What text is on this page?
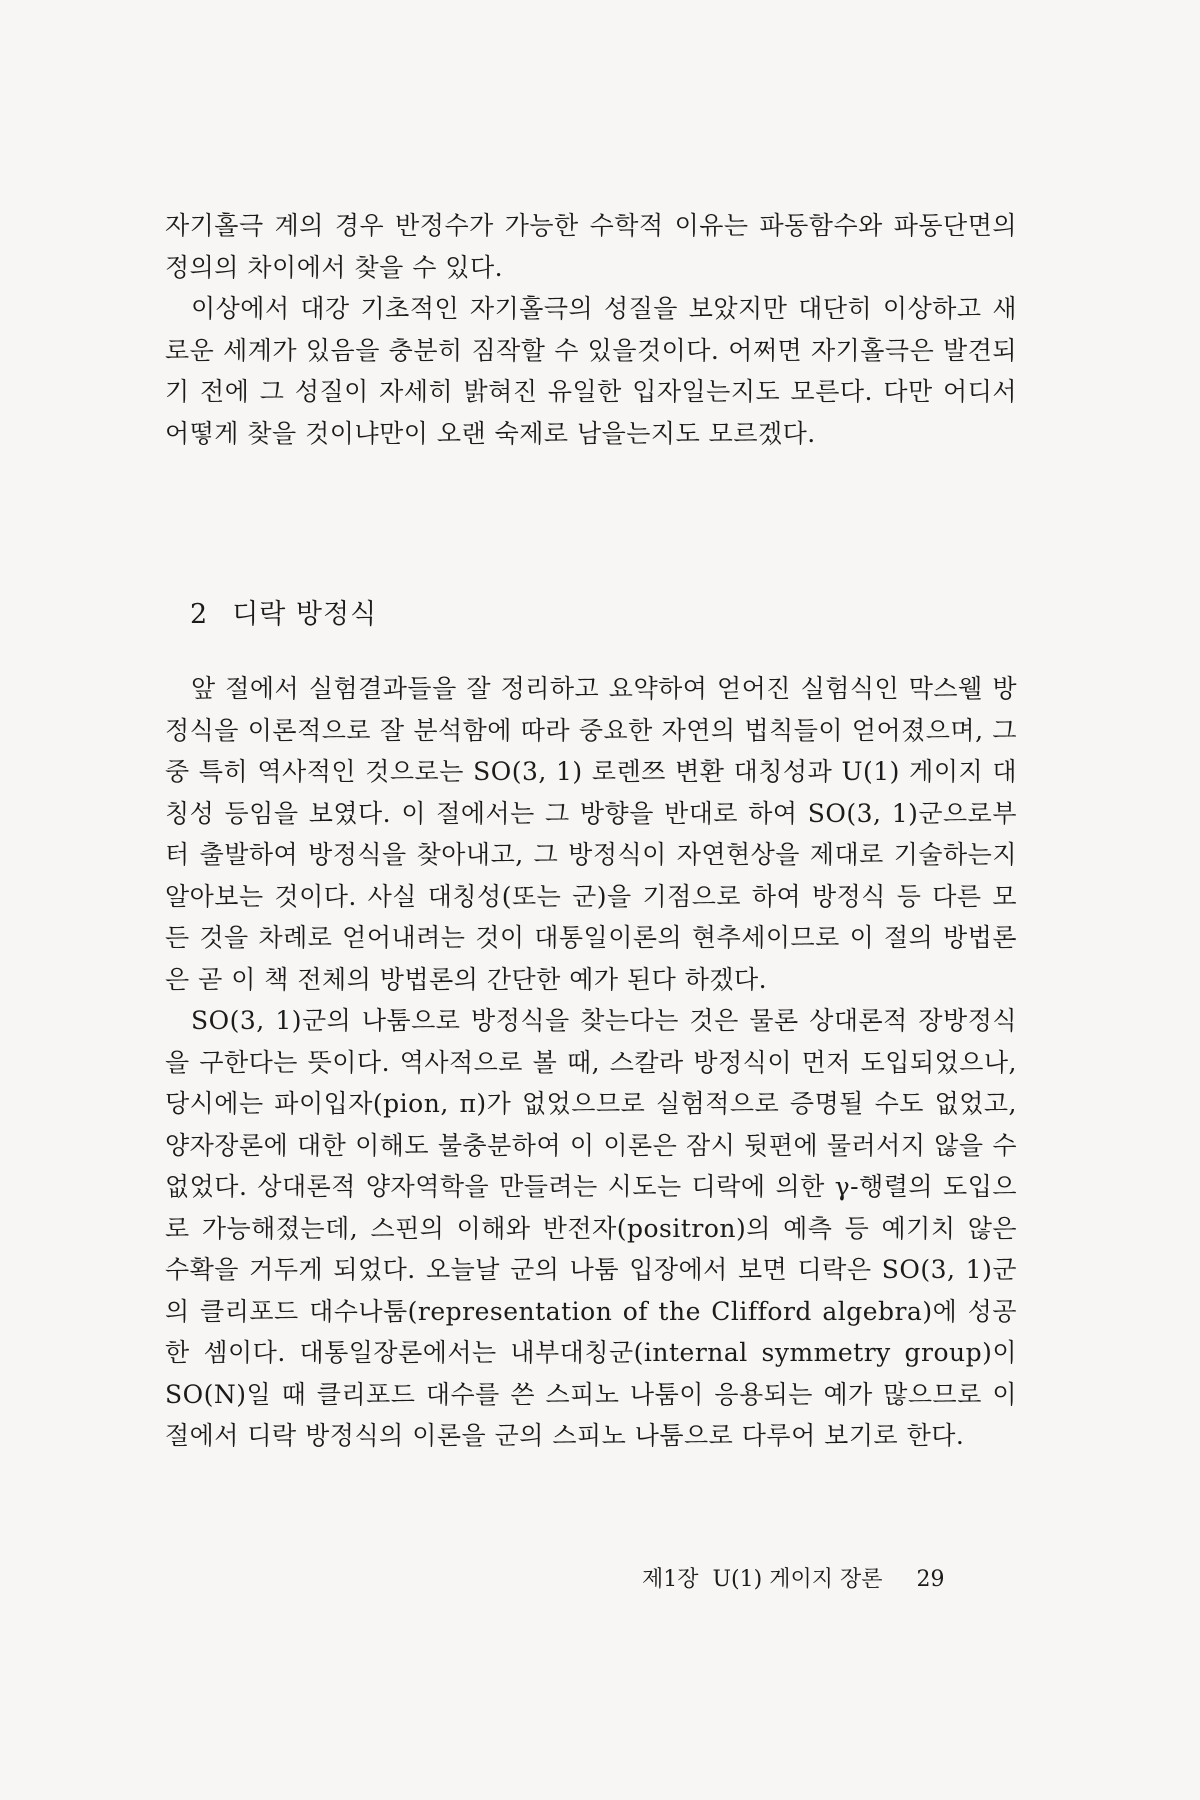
자기홀극 계의 경우 반정수가 가능한 수학적 이유는 파동함수와 파동단면의 정의의 차이에서 찾을 수 있다.

이상에서 대강 기초적인 자기홀극의 성질을 보았지만 대단히 이상하고 새로운 세계가 있음을 충분히 짐작할 수 있을것이다. 어쩌면 자기홀극은 발견되기 전에 그 성질이 자세히 밝혀진 유일한 입자일는지도 모른다. 다만 어디서 어떻게 찾을 것이냐만이 오랜 숙제로 남을는지도 모르겠다.

2 디락 방정식

앞 절에서 실험결과들을 잘 정리하고 요약하여 얻어진 실험식인 막스웰 방정식을 이론적으로 잘 분석함에 따라 중요한 자연의 법칙들이 얻어졌으며, 그 중 특히 역사적인 것으로는 SO(3, 1) 로렌쯔 변환 대칭성과 U(1) 게이지 대칭성 등임을 보였다. 이 절에서는 그 방향을 반대로 하여 SO(3, 1)군으로부터 출발하여 방정식을 찾아내고, 그 방정식이 자연현상을 제대로 기술하는지 알아보는 것이다. 사실 대칭성(또는 군)을 기점으로 하여 방정식 등 다른 모든 것을 차례로 얻어내려는 것이 대통일이론의 현추세이므로 이 절의 방법론은 곧 이 책 전체의 방법론의 간단한 예가 된다 하겠다.

SO(3, 1)군의 나툼으로 방정식을 찾는다는 것은 물론 상대론적 장방정식을 구한다는 뜻이다. 역사적으로 볼 때, 스칼라 방정식이 먼저 도입되었으나, 당시에는 파이입자(pion, π)가 없었으므로 실험적으로 증명될 수도 없었고, 양자장론에 대한 이해도 불충분하여 이 이론은 잠시 뒷편에 물러서지 않을 수 없었다. 상대론적 양자역학을 만들려는 시도는 디락에 의한 γ-행렬의 도입으로 가능해졌는데, 스핀의 이해와 반전자(positron)의 예측 등 예기치 않은 수확을 거두게 되었다. 오늘날 군의 나툼 입장에서 보면 디락은 SO(3, 1)군의 클리포드 대수나툼(representation of the Clifford algebra)에 성공한 셈이다. 대통일장론에서는 내부대칭군(internal symmetry group)이 SO(N)일 때 클리포드 대수를 쓴 스피노 나툼이 응용되는 예가 많으므로 이 절에서 디락 방정식의 이론을 군의 스피노 나툼으로 다루어 보기로 한다.

제1장 U(1) 게이지 장론 29
